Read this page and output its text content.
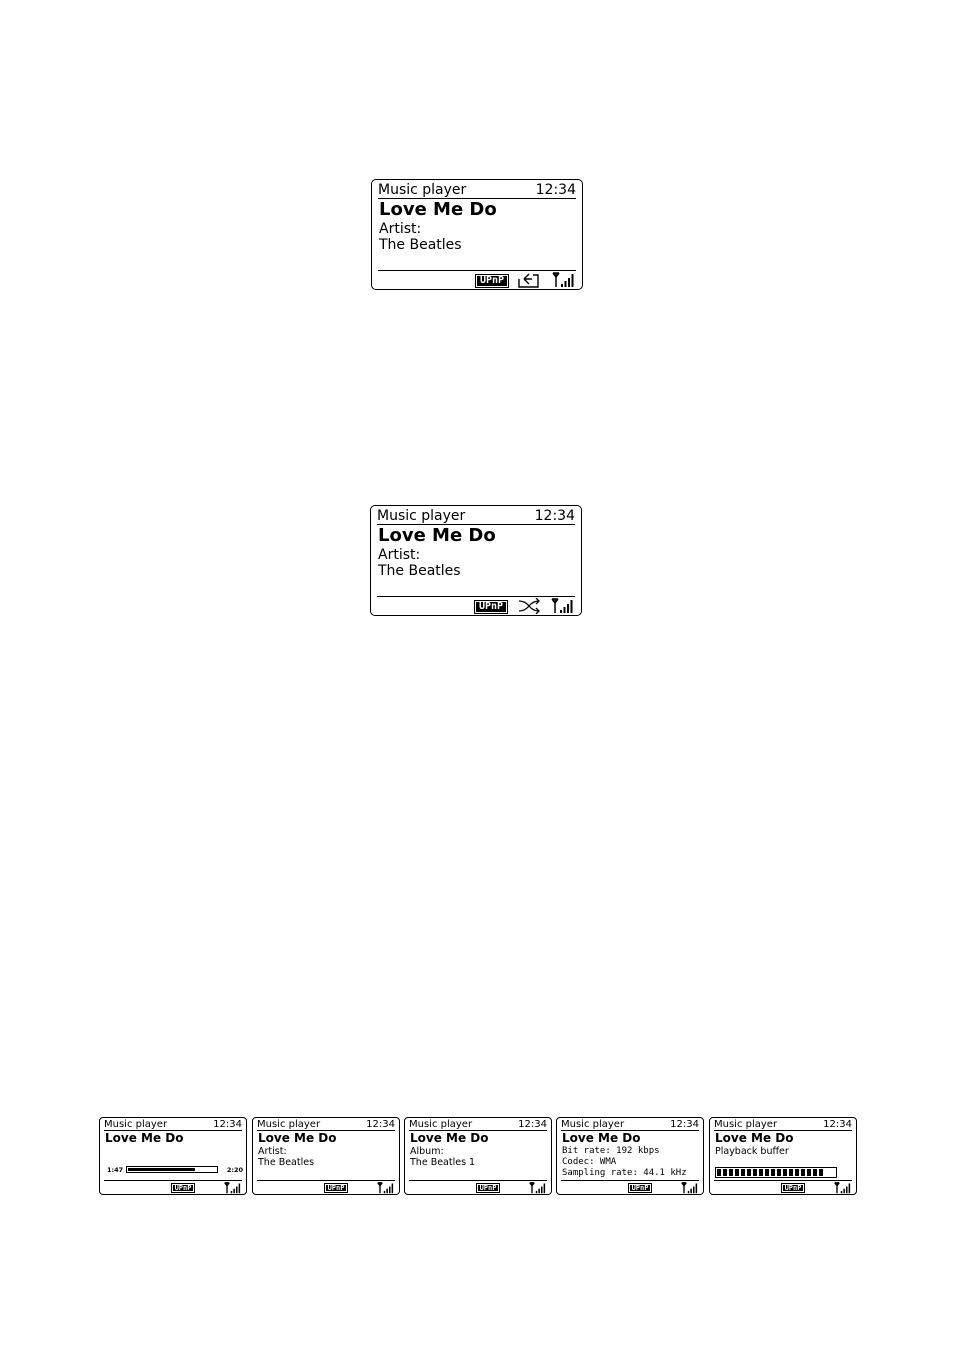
Music player	12:34
Love Me Do
Artist:
The Beatles
UPnP
Music player	12:34
Love Me Do
Artist:
The Beatles
UPnP
Music player	12:34
Love Me Do
1:47	2:20
UPnP
Music player	12:34
Love Me Do
Artist:
The Beatles
UPnP
Music player	12:34
Love Me Do
Album:
The Beatles 1
UPnP
Music player	12:34
Love Me Do
Bit rate: 192 kbps
Codec: WMA
Sampling rate: 44.1 kHz
UPnP
Music player	12:34
Love Me Do
Playback buffer
UPnP
